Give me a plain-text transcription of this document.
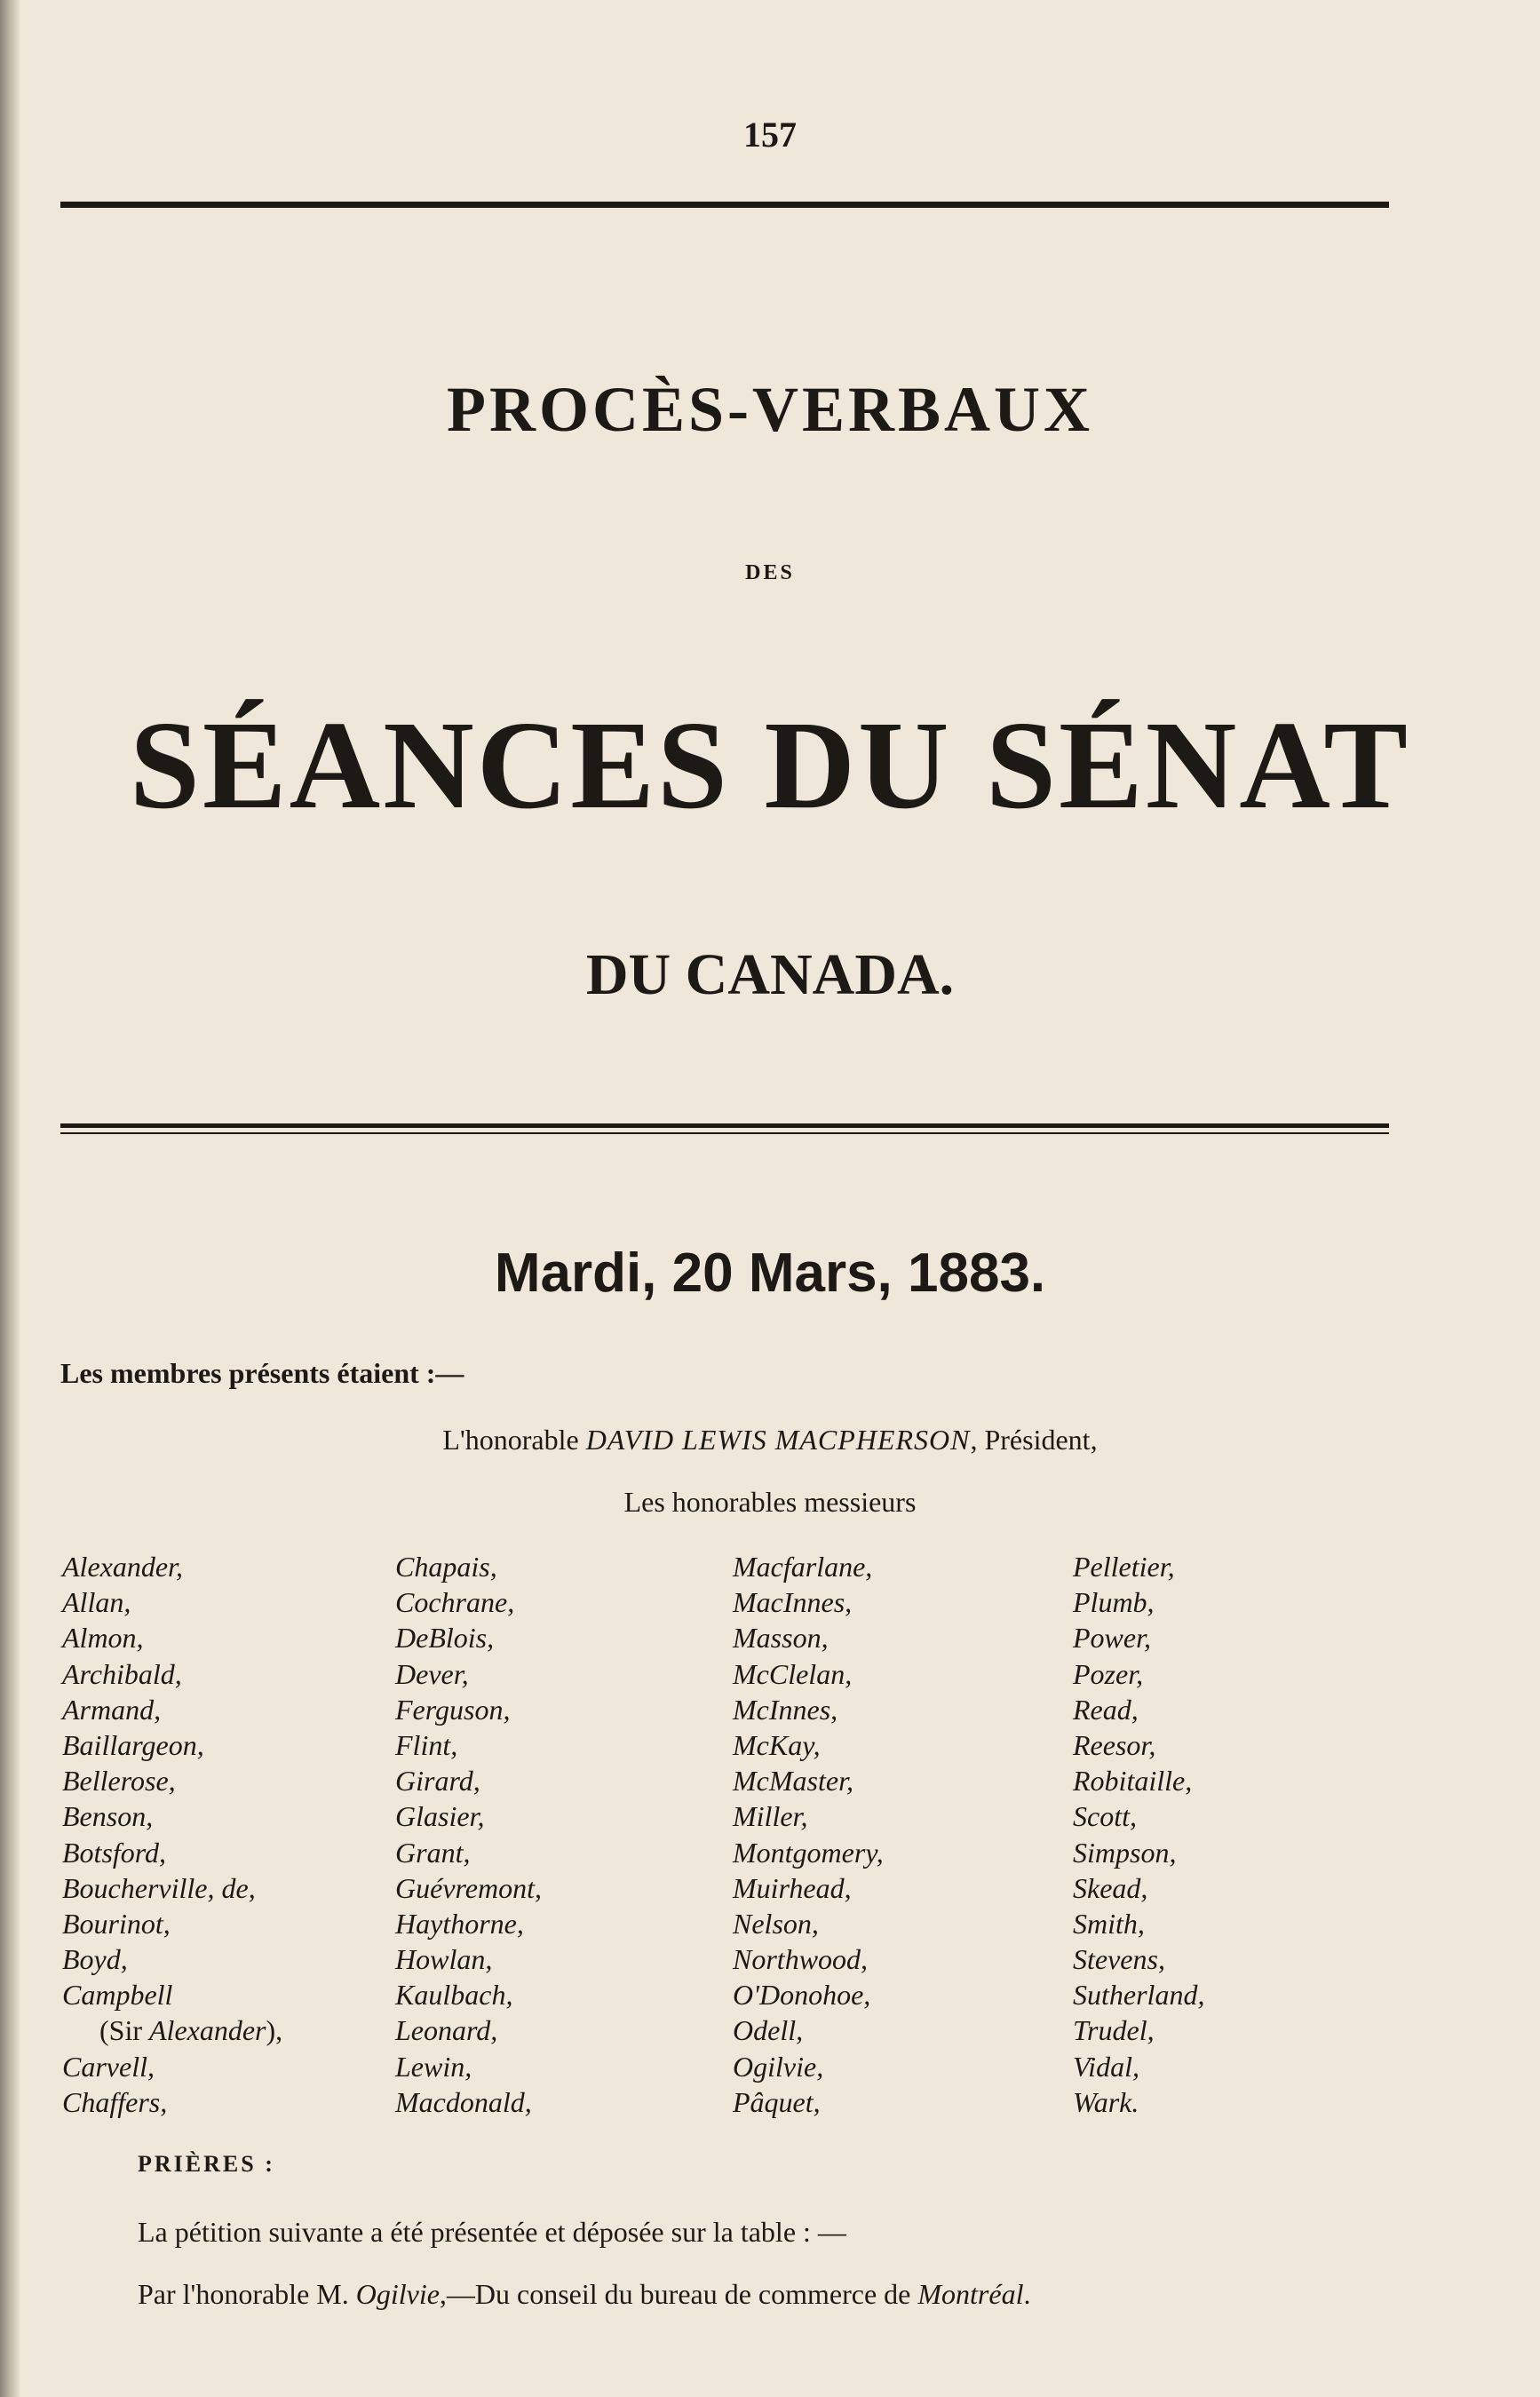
157
PROCÈS-VERBAUX
DES
SÉANCES DU SÉNAT
DU CANADA.
Mardi, 20 Mars, 1883.
Les membres présents étaient :—
L'honorable DAVID LEWIS MACPHERSON, Président,
Les honorables messieurs
Alexander,
Allan,
Almon,
Archibald,
Armand,
Baillargeon,
Bellerose,
Benson,
Botsford,
Boucherville, de,
Bourinot,
Boyd,
Campbell
(Sir Alexander),
Carvell,
Chaffers,
Chapais,
Cochrane,
DeBlois,
Dever,
Ferguson,
Flint,
Girard,
Glasier,
Grant,
Guévremont,
Haythorne,
Howlan,
Kaulbach,
Leonard,
Lewin,
Macdonald,
Macfarlane,
MacInnes,
Masson,
McClelan,
McInnes,
McKay,
McMaster,
Miller,
Montgomery,
Muirhead,
Nelson,
Northwood,
O'Donohoe,
Odell,
Ogilvie,
Pâquet,
Pelletier,
Plumb,
Power,
Pozer,
Read,
Reesor,
Robitaille,
Scott,
Simpson,
Skead,
Smith,
Stevens,
Sutherland,
Trudel,
Vidal,
Wark.
PRIÈRES :
La pétition suivante a été présentée et déposée sur la table : —
Par l'honorable M. Ogilvie,—Du conseil du bureau de commerce de Montréal.
